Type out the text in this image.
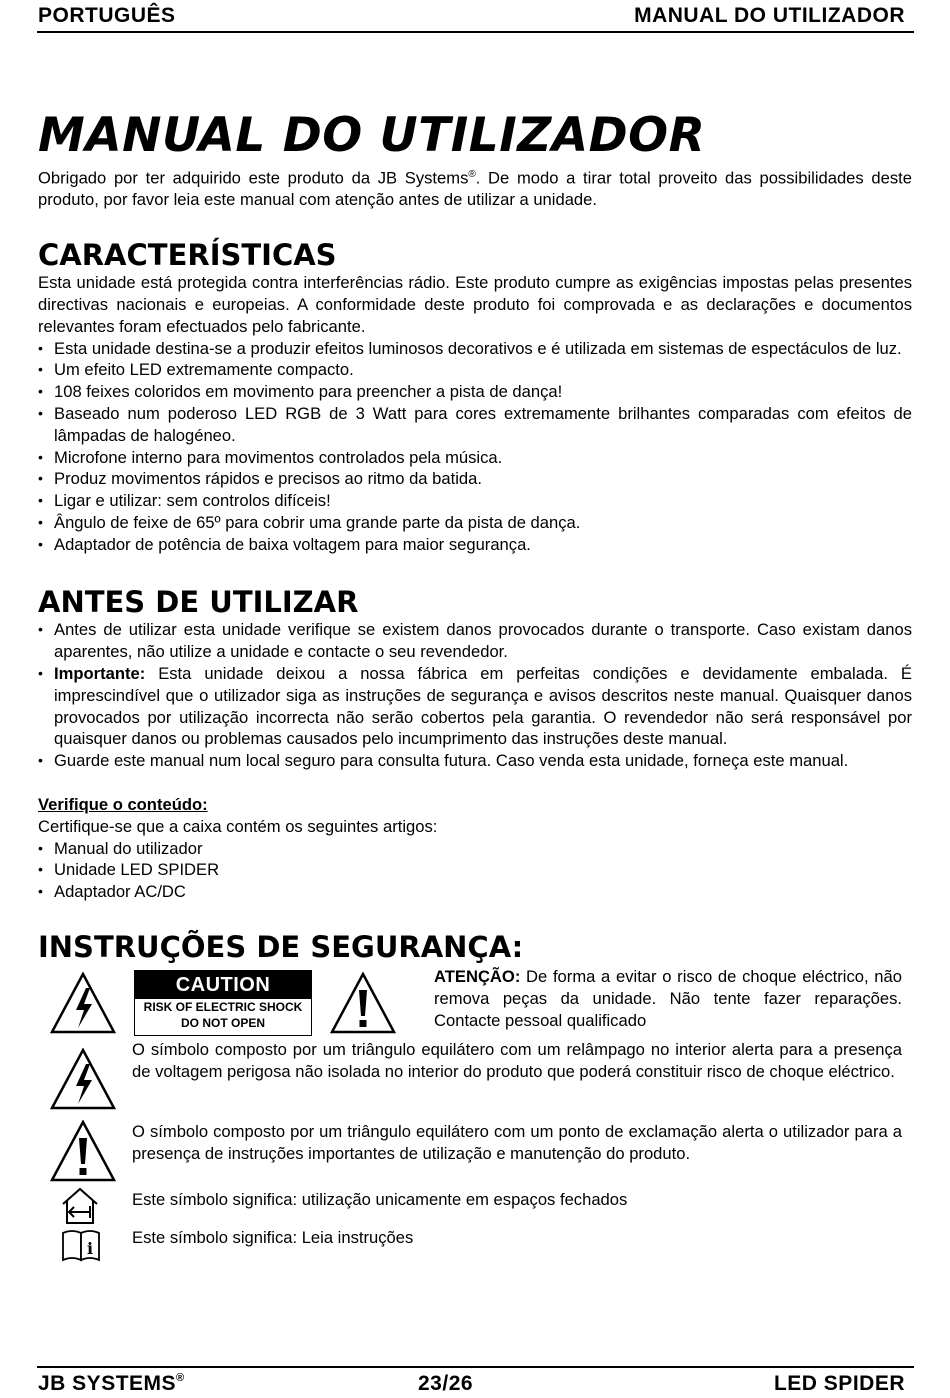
PORTUGUÊS	MANUAL DO UTILIZADOR
MANUAL DO UTILIZADOR

Obrigado por ter adquirido este produto da JB Systems®. De modo a tirar total proveito das possibilidades deste produto, por favor leia este manual com atenção antes de utilizar a unidade.

CARACTERÍSTICAS

Esta unidade está protegida contra interferências rádio. Este produto cumpre as exigências impostas pelas presentes directivas nacionais e europeias. A conformidade deste produto foi comprovada e as declarações e documentos relevantes foram efectuados pelo fabricante.

• Esta unidade destina-se a produzir efeitos luminosos decorativos e é utilizada em sistemas de espectáculos de luz.
• Um efeito LED extremamente compacto.
• 108 feixes coloridos em movimento para preencher a pista de dança!
• Baseado num poderoso LED RGB de 3 Watt para cores extremamente brilhantes comparadas com efeitos de lâmpadas de halogéneo.
• Microfone interno para movimentos controlados pela música.
• Produz movimentos rápidos e precisos ao ritmo da batida.
• Ligar e utilizar: sem controlos difíceis!
• Ângulo de feixe de 65º para cobrir uma grande parte da pista de dança.
• Adaptador de potência de baixa voltagem para maior segurança.
ANTES DE UTILIZAR
• Antes de utilizar esta unidade verifique se existem danos provocados durante o transporte. Caso existam danos aparentes, não utilize a unidade e contacte o seu revendedor.
• Importante: Esta unidade deixou a nossa fábrica em perfeitas condições e devidamente embalada. É imprescindível que o utilizador siga as instruções de segurança e avisos descritos neste manual. Quaisquer danos provocados por utilização incorrecta não serão cobertos pela garantia. O revendedor não será responsável por quaisquer danos ou problemas causados pelo incumprimento das instruções deste manual.
• Guarde este manual num local seguro para consulta futura. Caso venda esta unidade, forneça este manual.

Verifique o conteúdo:

Certifique-se que a caixa contém os seguintes artigos:

• Manual do utilizador
• Unidade LED SPIDER
• Adaptador AC/DC
INSTRUÇÕES DE SEGURANÇA:
CAUTION
RISK OF ELECTRIC SHOCK
DO NOT OPEN

ATENÇÃO: De forma a evitar o risco de choque eléctrico, não remova peças da unidade. Não tente fazer reparações. Contacte pessoal qualificado

O símbolo composto por um triângulo equilátero com um relâmpago no interior alerta para a presença de voltagem perigosa não isolada no interior do produto que poderá constituir risco de choque eléctrico.

O símbolo composto por um triângulo equilátero com um ponto de exclamação alerta o utilizador para a presença de instruções importantes de utilização e manutenção do produto.

Este símbolo significa: utilização unicamente em espaços fechados

i

Este símbolo significa: Leia instruções

JB SYSTEMS®	23/26	LED SPIDER
